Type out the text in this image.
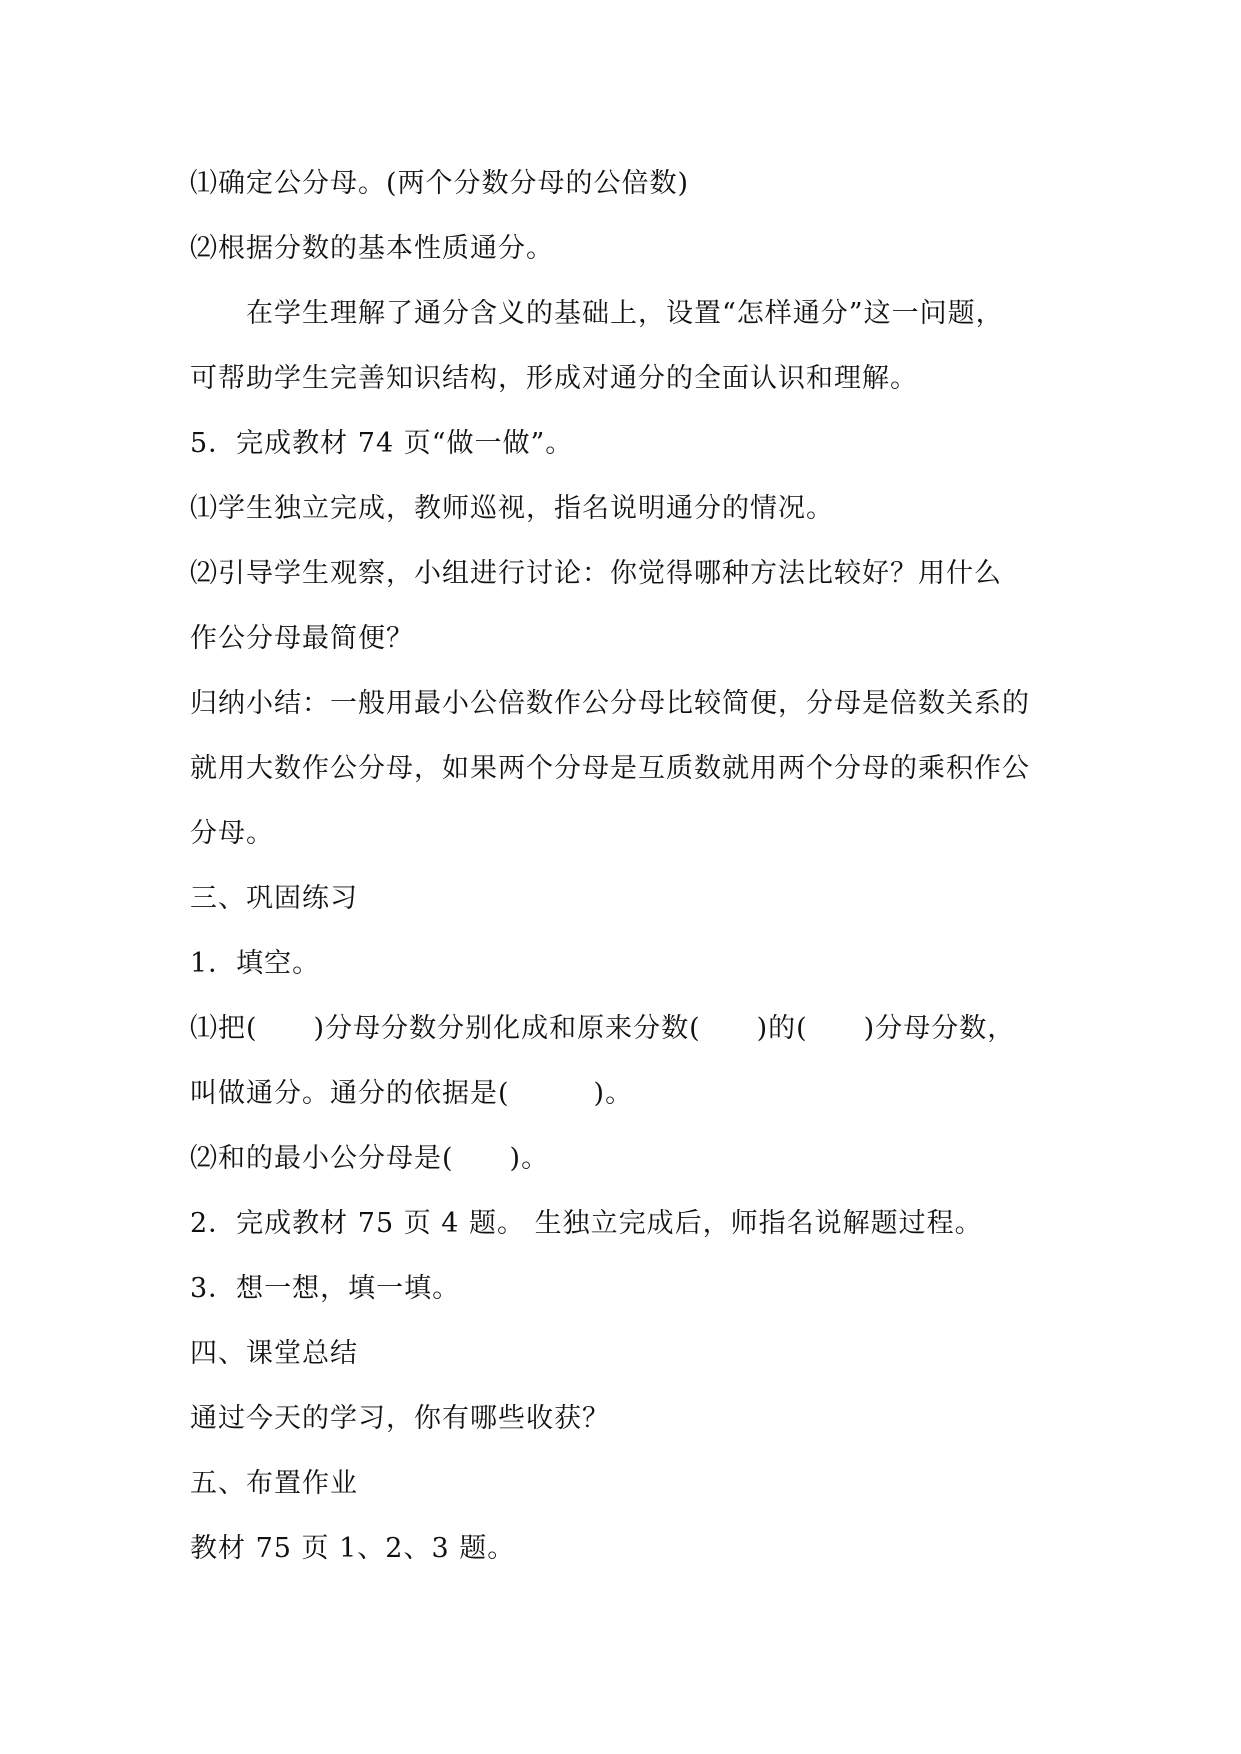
⑴确定公分母。(两个分数分母的公倍数)
⑵根据分数的基本性质通分。
在学生理解了通分含义的基础上，设置“怎样通分”这一问题，
可帮助学生完善知识结构，形成对通分的全面认识和理解。
5．完成教材 74 页“做一做”。
⑴学生独立完成，教师巡视，指名说明通分的情况。
⑵引导学生观察，小组进行讨论：你觉得哪种方法比较好？用什么
作公分母最简便？
归纳小结：一般用最小公倍数作公分母比较简便，分母是倍数关系的
就用大数作公分母，如果两个分母是互质数就用两个分母的乘积作公
分母。
三、巩固练习
1．填空。
⑴把(　　)分母分数分别化成和原来分数(　　)的(　　)分母分数，
叫做通分。通分的依据是(　　　)。
⑵和的最小公分母是(　　)。
2．完成教材 75 页 4 题。 生独立完成后，师指名说解题过程。
3．想一想，填一填。
四、课堂总结
通过今天的学习，你有哪些收获？
五、布置作业
教材 75 页 1、2、3 题。
